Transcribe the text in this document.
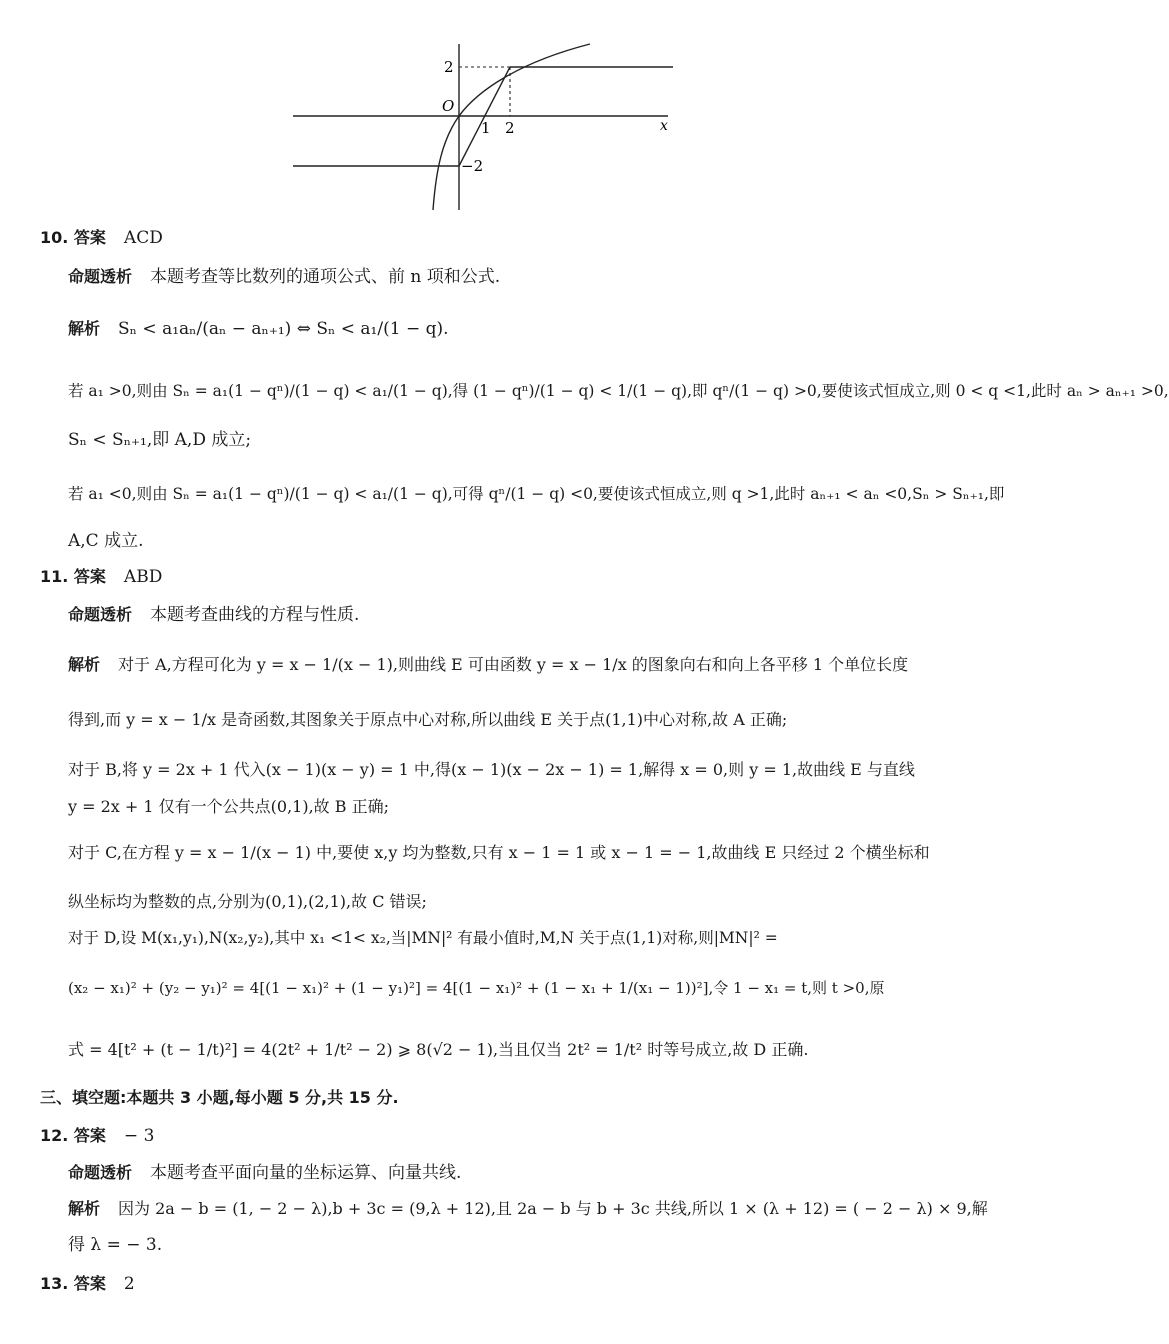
2
O
1 2	x
−2
10. 答案 ACD
命题透析 本题考查等比数列的通项公式、前 n 项和公式.
解析 Sₙ < a₁aₙ/(aₙ − aₙ₊₁) ⇔ Sₙ < a₁/(1 − q).
若 a₁ >0,则由 Sₙ = a₁(1 − qⁿ)/(1 − q) < a₁/(1 − q),得 (1 − qⁿ)/(1 − q) < 1/(1 − q),即 qⁿ/(1 − q) >0,要使该式恒成立,则 0 < q <1,此时 aₙ > aₙ₊₁ >0,
Sₙ < Sₙ₊₁,即 A,D 成立;
若 a₁ <0,则由 Sₙ = a₁(1 − qⁿ)/(1 − q) < a₁/(1 − q),可得 qⁿ/(1 − q) <0,要使该式恒成立,则 q >1,此时 aₙ₊₁ < aₙ <0,Sₙ > Sₙ₊₁,即
A,C 成立.
11. 答案 ABD
命题透析 本题考查曲线的方程与性质.
解析 对于 A,方程可化为 y = x − 1/(x − 1),则曲线 E 可由函数 y = x − 1/x 的图象向右和向上各平移 1 个单位长度
得到,而 y = x − 1/x 是奇函数,其图象关于原点中心对称,所以曲线 E 关于点(1,1)中心对称,故 A 正确;
对于 B,将 y = 2x + 1 代入(x − 1)(x − y) = 1 中,得(x − 1)(x − 2x − 1) = 1,解得 x = 0,则 y = 1,故曲线 E 与直线
y = 2x + 1 仅有一个公共点(0,1),故 B 正确;
对于 C,在方程 y = x − 1/(x − 1) 中,要使 x,y 均为整数,只有 x − 1 = 1 或 x − 1 = − 1,故曲线 E 只经过 2 个横坐标和
纵坐标均为整数的点,分别为(0,1),(2,1),故 C 错误;
对于 D,设 M(x₁,y₁),N(x₂,y₂),其中 x₁ <1< x₂,当|MN|² 有最小值时,M,N 关于点(1,1)对称,则|MN|² =
(x₂ − x₁)² + (y₂ − y₁)² = 4[(1 − x₁)² + (1 − y₁)²] = 4[(1 − x₁)² + (1 − x₁ + 1/(x₁ − 1))²],令 1 − x₁ = t,则 t >0,原
式 = 4[t² + (t − 1/t)²] = 4(2t² + 1/t² − 2) ⩾ 8(√2 − 1),当且仅当 2t² = 1/t² 时等号成立,故 D 正确.
三、填空题:本题共 3 小题,每小题 5 分,共 15 分.
12. 答案 − 3
命题透析 本题考查平面向量的坐标运算、向量共线.
解析 因为 2a − b = (1, − 2 − λ),b + 3c = (9,λ + 12),且 2a − b 与 b + 3c 共线,所以 1 × (λ + 12) = ( − 2 − λ) × 9,解
得 λ = − 3.
13. 答案 2
